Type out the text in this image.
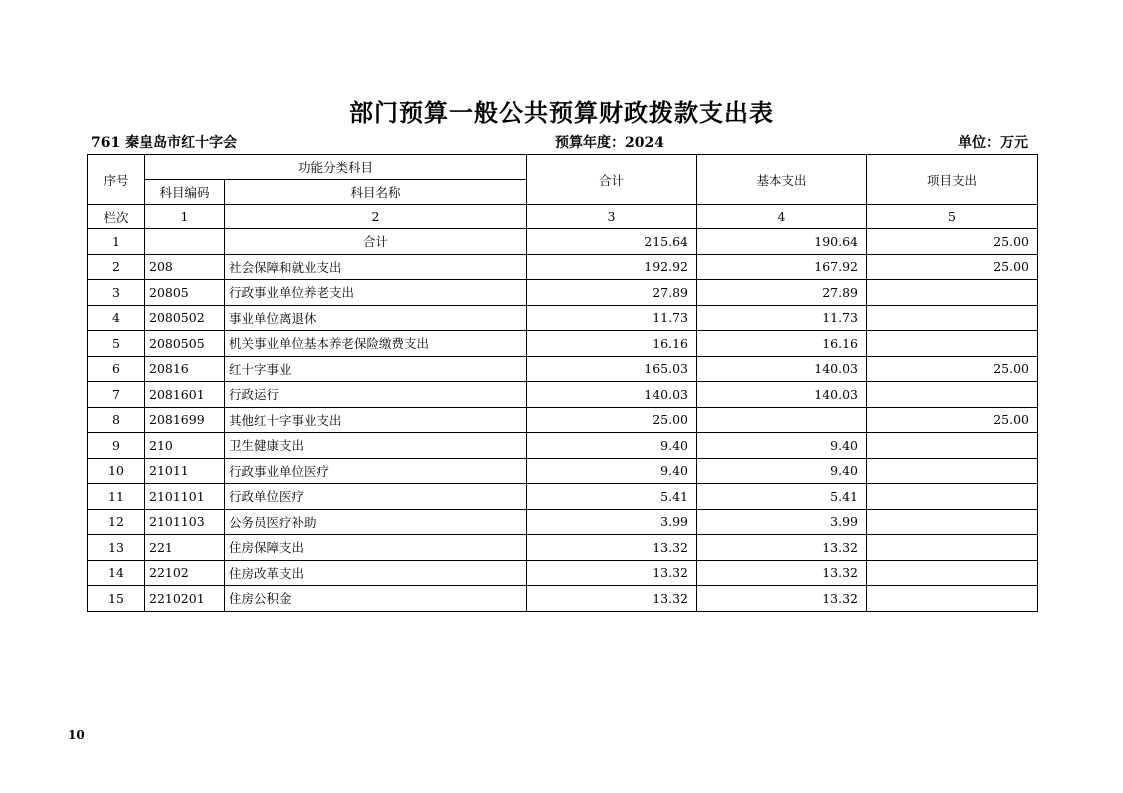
部门预算一般公共预算财政拨款支出表
761 秦皇岛市红十字会	预算年度：2024	单位：万元
序号	功能分类科目		合计	基本支出	项目支出
	科目编码	科目名称			
栏次	1	2	3	4	5
1		合计	215.64	190.64	25.00
2	208	社会保障和就业支出	192.92	167.92	25.00
3	20805	行政事业单位养老支出	27.89	27.89	
4	2080502	事业单位离退休	11.73	11.73	
5	2080505	机关事业单位基本养老保险缴费支出	16.16	16.16	
6	20816	红十字事业	165.03	140.03	25.00
7	2081601	行政运行	140.03	140.03	
8	2081699	其他红十字事业支出	25.00		25.00
9	210	卫生健康支出	9.40	9.40	
10	21011	行政事业单位医疗	9.40	9.40	
11	2101101	行政单位医疗	5.41	5.41	
12	2101103	公务员医疗补助	3.99	3.99	
13	221	住房保障支出	13.32	13.32	
14	22102	住房改革支出	13.32	13.32	
15	2210201	住房公积金	13.32	13.32	
10
